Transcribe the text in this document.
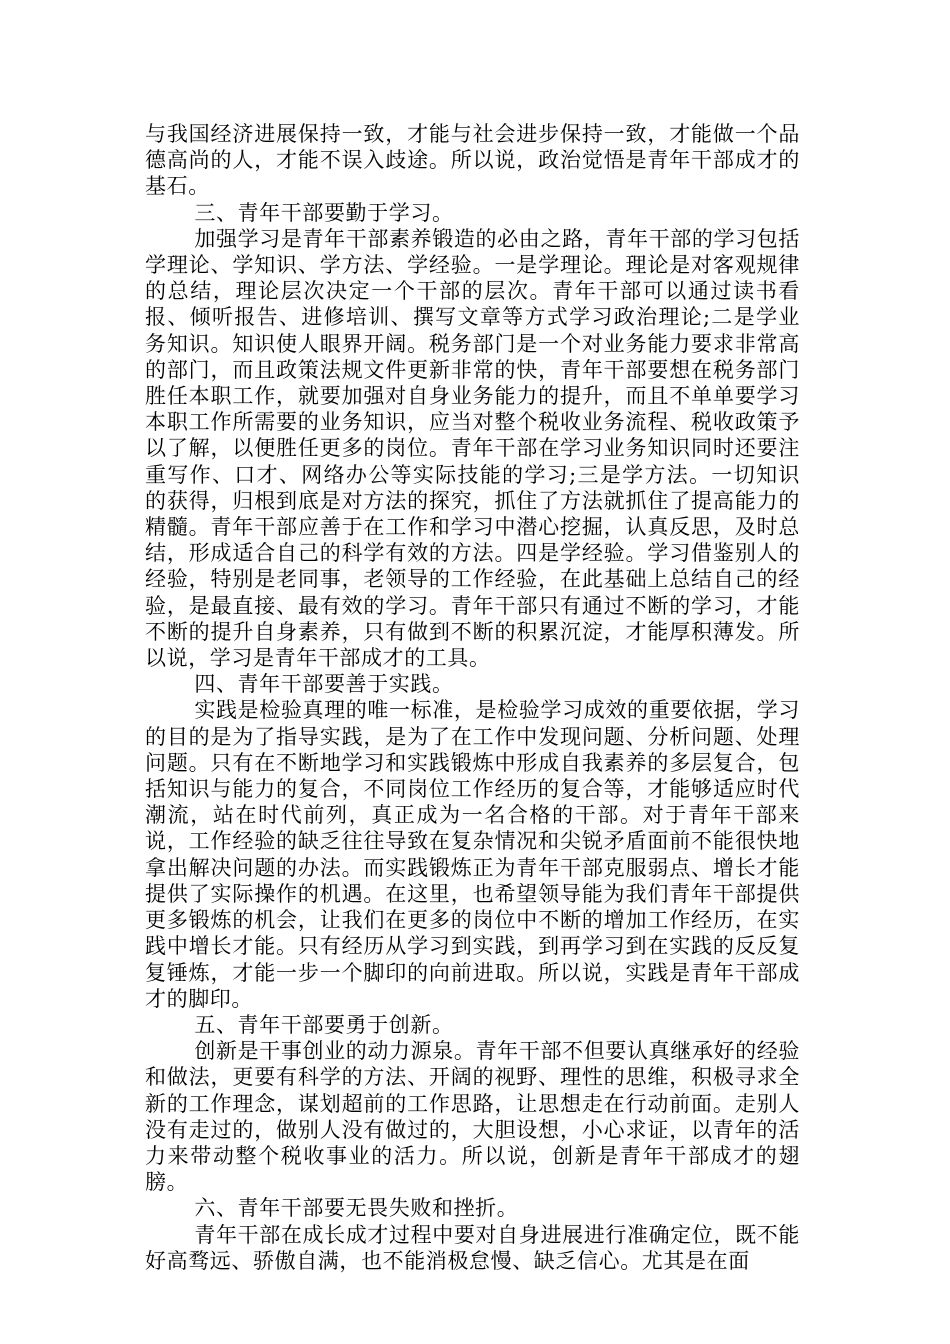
与我国经济进展保持一致，才能与社会进步保持一致，才能做一个品德高尚的人，才能不误入歧途。所以说，政治觉悟是青年干部成才的基石。

三、青年干部要勤于学习。

加强学习是青年干部素养锻造的必由之路，青年干部的学习包括学理论、学知识、学方法、学经验。一是学理论。理论是对客观规律的总结，理论层次决定一个干部的层次。青年干部可以通过读书看报、倾听报告、进修培训、撰写文章等方式学习政治理论;二是学业务知识。知识使人眼界开阔。税务部门是一个对业务能力要求非常高的部门，而且政策法规文件更新非常的快，青年干部要想在税务部门胜任本职工作，就要加强对自身业务能力的提升，而且不单单要学习本职工作所需要的业务知识，应当对整个税收业务流程、税收政策予以了解，以便胜任更多的岗位。青年干部在学习业务知识同时还要注重写作、口才、网络办公等实际技能的学习;三是学方法。一切知识的获得，归根到底是对方法的探究，抓住了方法就抓住了提高能力的精髓。青年干部应善于在工作和学习中潜心挖掘，认真反思，及时总结，形成适合自己的科学有效的方法。四是学经验。学习借鉴别人的经验，特别是老同事，老领导的工作经验，在此基础上总结自己的经验，是最直接、最有效的学习。青年干部只有通过不断的学习，才能不断的提升自身素养，只有做到不断的积累沉淀，才能厚积薄发。所以说，学习是青年干部成才的工具。

四、青年干部要善于实践。

实践是检验真理的唯一标准，是检验学习成效的重要依据，学习的目的是为了指导实践，是为了在工作中发现问题、分析问题、处理问题。只有在不断地学习和实践锻炼中形成自我素养的多层复合，包括知识与能力的复合，不同岗位工作经历的复合等，才能够适应时代潮流，站在时代前列，真正成为一名合格的干部。对于青年干部来说，工作经验的缺乏往往导致在复杂情况和尖锐矛盾面前不能很快地拿出解决问题的办法。而实践锻炼正为青年干部克服弱点、增长才能提供了实际操作的机遇。在这里，也希望领导能为我们青年干部提供更多锻炼的机会，让我们在更多的岗位中不断的增加工作经历，在实践中增长才能。只有经历从学习到实践，到再学习到在实践的反反复复锤炼，才能一步一个脚印的向前进取。所以说，实践是青年干部成才的脚印。

五、青年干部要勇于创新。

创新是干事创业的动力源泉。青年干部不但要认真继承好的经验和做法，更要有科学的方法、开阔的视野、理性的思维，积极寻求全新的工作理念，谋划超前的工作思路，让思想走在行动前面。走别人没有走过的，做别人没有做过的，大胆设想，小心求证，以青年的活力来带动整个税收事业的活力。所以说，创新是青年干部成才的翅膀。

六、青年干部要无畏失败和挫折。

青年干部在成长成才过程中要对自身进展进行准确定位，既不能好高骛远、骄傲自满，也不能消极怠慢、缺乏信心。尤其是在面
